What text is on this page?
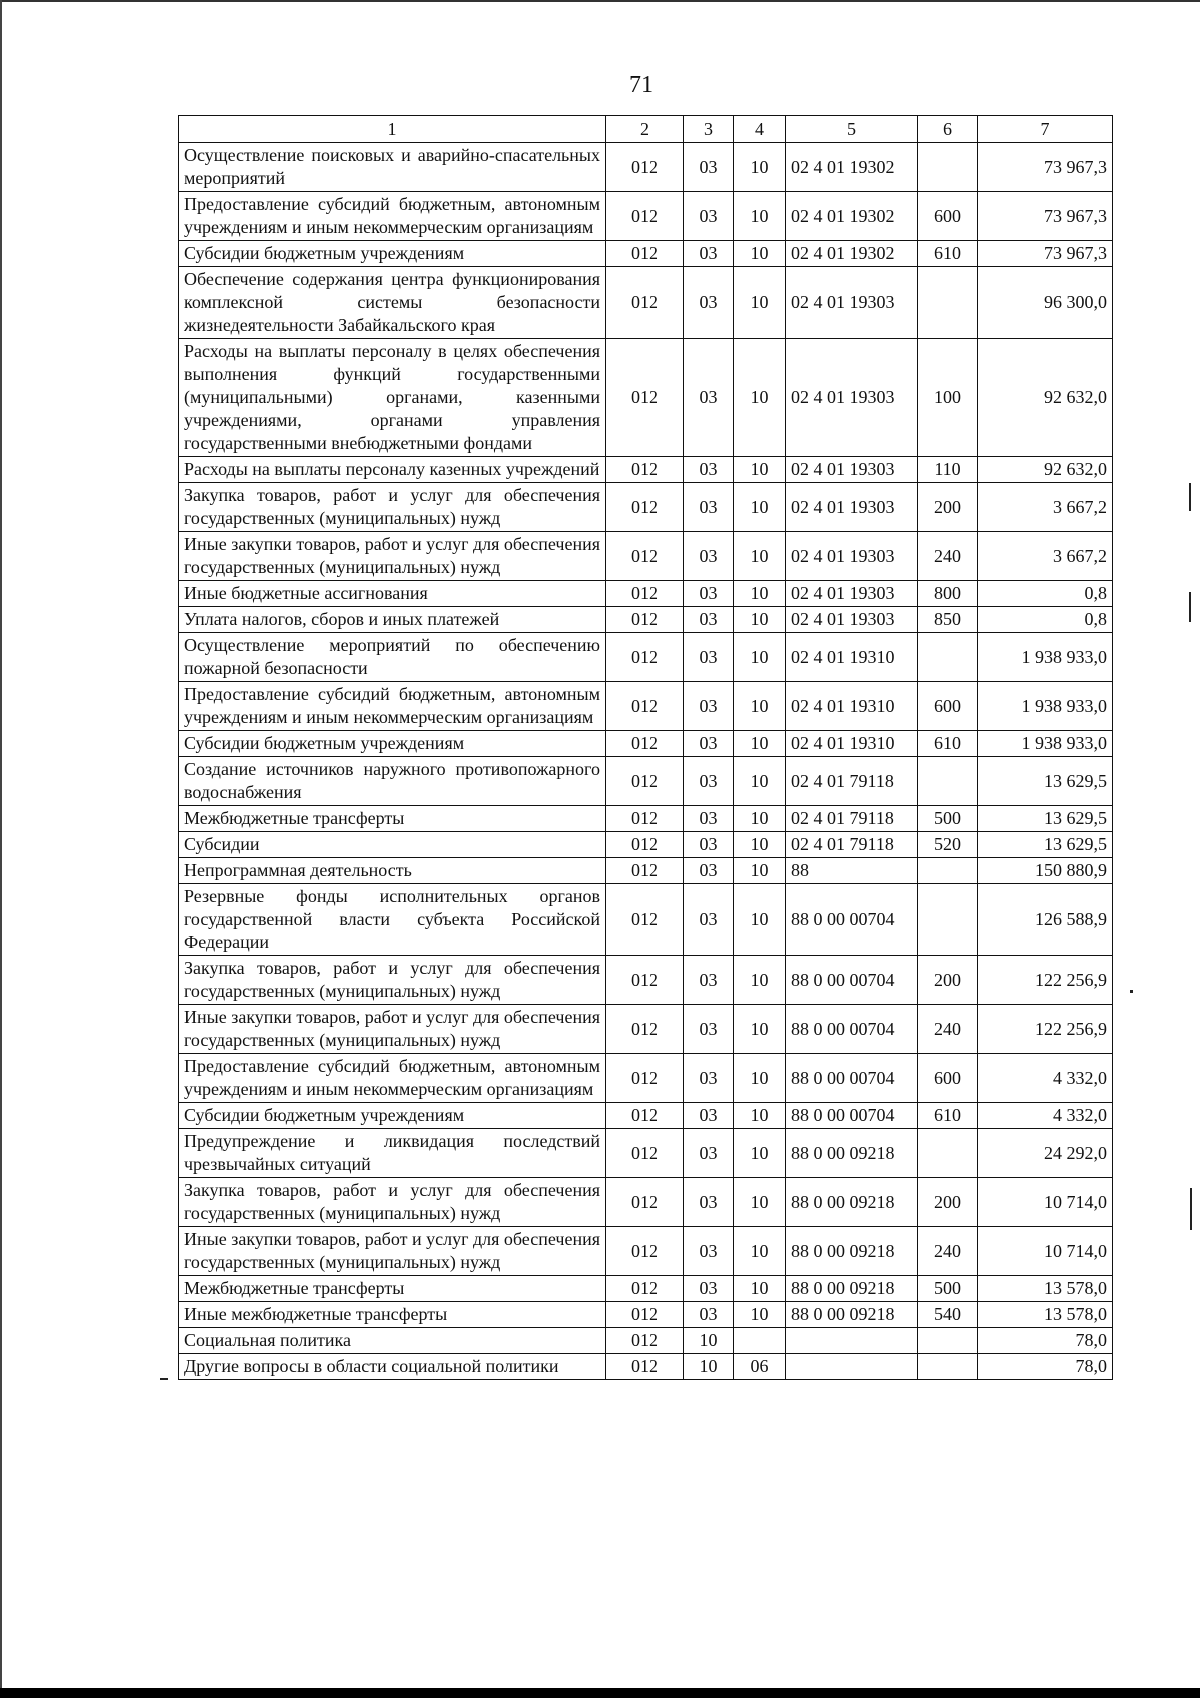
71
1	2	3	4	5	6	7
Осуществление поисковых и аварийно-спасательных мероприятий	012	03	10	02 4 01 19302		73 967,3
Предоставление субсидий бюджетным, автономным учреждениям и иным некоммерческим организациям	012	03	10	02 4 01 19302	600	73 967,3
Субсидии бюджетным учреждениям	012	03	10	02 4 01 19302	610	73 967,3
Обеспечение содержания центра функционирования комплексной системы безопасности жизнедеятельности Забайкальского края	012	03	10	02 4 01 19303		96 300,0
Расходы на выплаты персоналу в целях обеспечения выполнения функций государственными (муниципальными) органами, казенными учреждениями, органами управления государственными внебюджетными фондами	012	03	10	02 4 01 19303	100	92 632,0
Расходы на выплаты персоналу казенных учреждений	012	03	10	02 4 01 19303	110	92 632,0
Закупка товаров, работ и услуг для обеспечения государственных (муниципальных) нужд	012	03	10	02 4 01 19303	200	3 667,2
Иные закупки товаров, работ и услуг для обеспечения государственных (муниципальных) нужд	012	03	10	02 4 01 19303	240	3 667,2
Иные бюджетные ассигнования	012	03	10	02 4 01 19303	800	0,8
Уплата налогов, сборов и иных платежей	012	03	10	02 4 01 19303	850	0,8
Осуществление мероприятий по обеспечению пожарной безопасности	012	03	10	02 4 01 19310		1 938 933,0
Предоставление субсидий бюджетным, автономным учреждениям и иным некоммерческим организациям	012	03	10	02 4 01 19310	600	1 938 933,0
Субсидии бюджетным учреждениям	012	03	10	02 4 01 19310	610	1 938 933,0
Создание источников наружного противопожарного водоснабжения	012	03	10	02 4 01 79118		13 629,5
Межбюджетные трансферты	012	03	10	02 4 01 79118	500	13 629,5
Субсидии	012	03	10	02 4 01 79118	520	13 629,5
Непрограммная деятельность	012	03	10	88		150 880,9
Резервные фонды исполнительных органов государственной власти субъекта Российской Федерации	012	03	10	88 0 00 00704		126 588,9
Закупка товаров, работ и услуг для обеспечения государственных (муниципальных) нужд	012	03	10	88 0 00 00704	200	122 256,9
Иные закупки товаров, работ и услуг для обеспечения государственных (муниципальных) нужд	012	03	10	88 0 00 00704	240	122 256,9
Предоставление субсидий бюджетным, автономным учреждениям и иным некоммерческим организациям	012	03	10	88 0 00 00704	600	4 332,0
Субсидии бюджетным учреждениям	012	03	10	88 0 00 00704	610	4 332,0
Предупреждение и ликвидация последствий чрезвычайных ситуаций	012	03	10	88 0 00 09218		24 292,0
Закупка товаров, работ и услуг для обеспечения государственных (муниципальных) нужд	012	03	10	88 0 00 09218	200	10 714,0
Иные закупки товаров, работ и услуг для обеспечения государственных (муниципальных) нужд	012	03	10	88 0 00 09218	240	10 714,0
Межбюджетные трансферты	012	03	10	88 0 00 09218	500	13 578,0
Иные межбюджетные трансферты	012	03	10	88 0 00 09218	540	13 578,0
Социальная политика	012	10				78,0
Другие вопросы в области социальной политики	012	10	06			78,0
